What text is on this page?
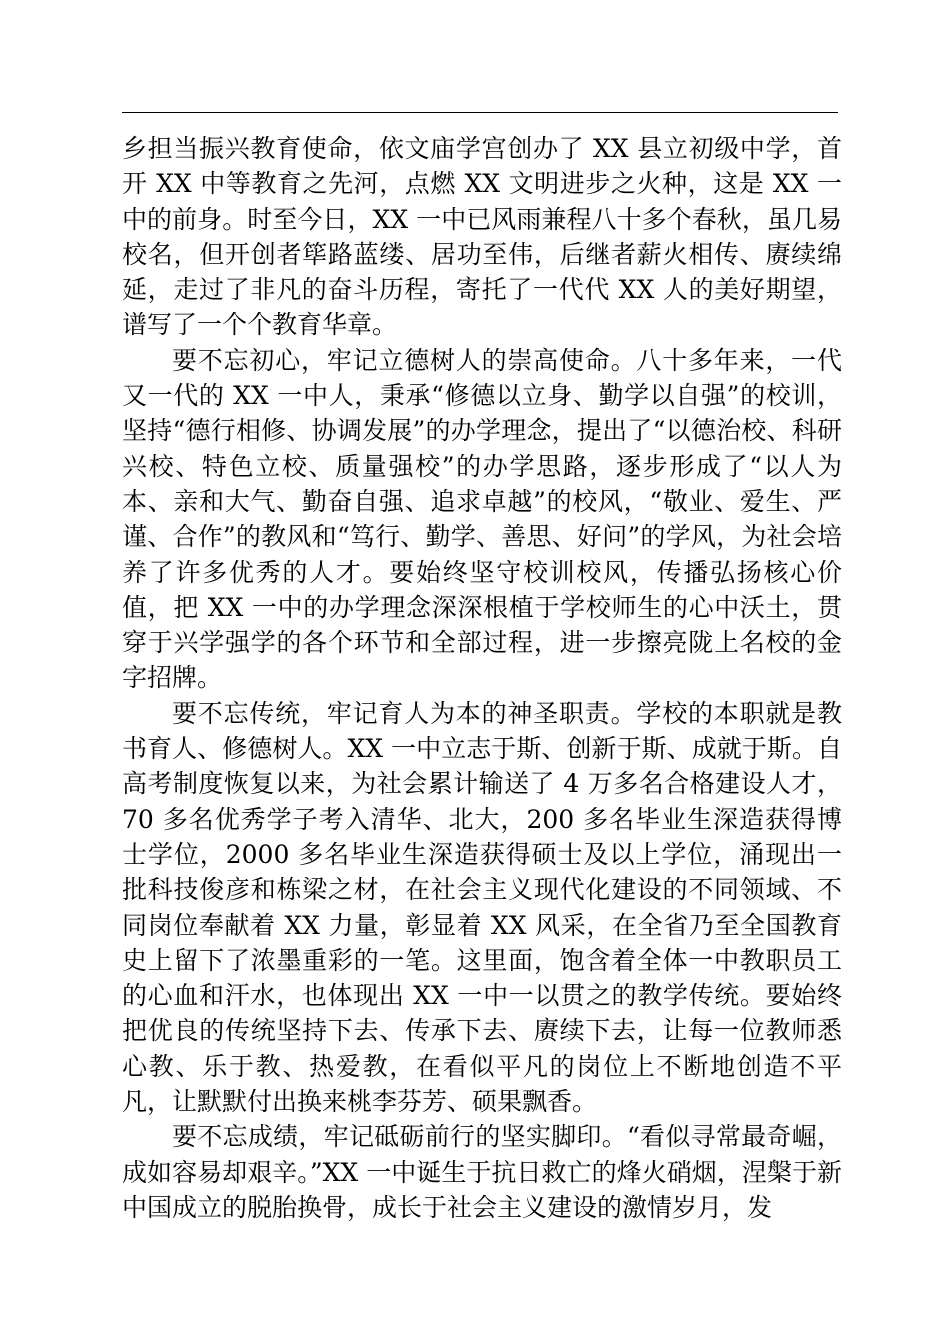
乡担当振兴教育使命，依文庙学宫创办了 XX 县立初级中学，首开 XX 中等教育之先河，点燃 XX 文明进步之火种，这是 XX 一中的前身。时至今日，XX 一中已风雨兼程八十多个春秋，虽几易校名，但开创者筚路蓝缕、居功至伟，后继者薪火相传、赓续绵延，走过了非凡的奋斗历程，寄托了一代代 XX 人的美好期望，谱写了一个个教育华章。

要不忘初心，牢记立德树人的崇高使命。八十多年来，一代又一代的 XX 一中人，秉承“修德以立身、勤学以自强”的校训，坚持“德行相修、协调发展”的办学理念，提出了“以德治校、科研兴校、特色立校、质量强校”的办学思路，逐步形成了“以人为本、亲和大气、勤奋自强、追求卓越”的校风，“敬业、爱生、严谨、合作”的教风和“笃行、勤学、善思、好问”的学风，为社会培养了许多优秀的人才。要始终坚守校训校风，传播弘扬核心价值，把 XX 一中的办学理念深深根植于学校师生的心中沃土，贯穿于兴学强学的各个环节和全部过程，进一步擦亮陇上名校的金字招牌。

要不忘传统，牢记育人为本的神圣职责。学校的本职就是教书育人、修德树人。XX 一中立志于斯、创新于斯、成就于斯。自高考制度恢复以来，为社会累计输送了 4 万多名合格建设人才，70 多名优秀学子考入清华、北大，200 多名毕业生深造获得博士学位，2000 多名毕业生深造获得硕士及以上学位，涌现出一批科技俊彦和栋梁之材，在社会主义现代化建设的不同领域、不同岗位奉献着 XX 力量，彰显着 XX 风采，在全省乃至全国教育史上留下了浓墨重彩的一笔。这里面，饱含着全体一中教职员工的心血和汗水，也体现出 XX 一中一以贯之的教学传统。要始终把优良的传统坚持下去、传承下去、赓续下去，让每一位教师悉心教、乐于教、热爱教，在看似平凡的岗位上不断地创造不平凡，让默默付出换来桃李芬芳、硕果飘香。

要不忘成绩，牢记砥砺前行的坚实脚印。“看似寻常最奇崛，成如容易却艰辛。”XX 一中诞生于抗日救亡的烽火硝烟，涅槃于新中国成立的脱胎换骨，成长于社会主义建设的激情岁月，发
